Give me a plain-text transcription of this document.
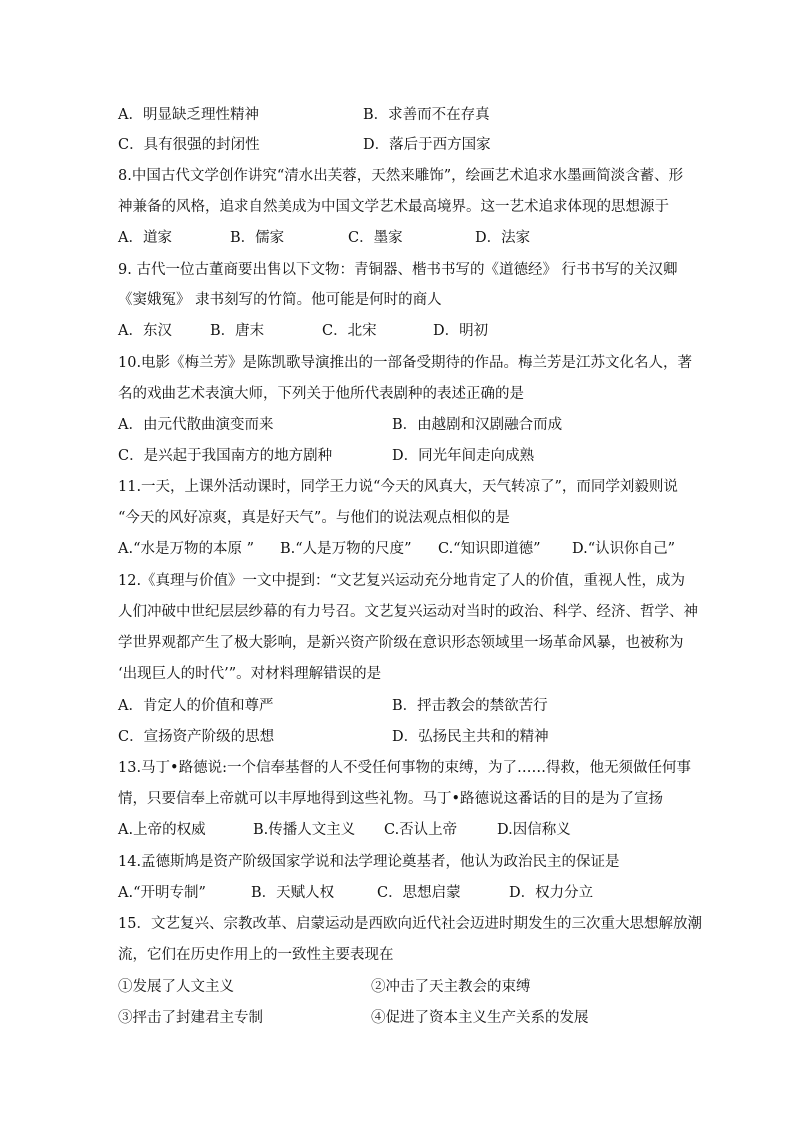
A．明显缺乏理性精神	B．求善而不在存真
C．具有很强的封闭性	D．落后于西方国家
8.中国古代文学创作讲究“清水出芙蓉，天然来雕饰”，绘画艺术追求水墨画简淡含蓄、形
神兼备的风格，追求自然美成为中国文学艺术最高境界。这一艺术追求体现的思想源于
A．道家	B．儒家	C．墨家	D．法家
9. 古代一位古董商要出售以下文物：青铜器、楷书书写的《道德经》 行书书写的关汉卿
《窦娥冤》 隶书刻写的竹简。他可能是何时的商人
A．东汉	B．唐末	C．北宋	D．明初
10.电影《梅兰芳》是陈凯歌导演推出的一部备受期待的作品。梅兰芳是江苏文化名人，著
名的戏曲艺术表演大师，下列关于他所代表剧种的表述正确的是
A．由元代散曲演变而来	B．由越剧和汉剧融合而成
C．是兴起于我国南方的地方剧种	D．同光年间走向成熟
11.一天，上课外活动课时，同学王力说“今天的风真大，天气转凉了”，而同学刘毅则说
“今天的风好凉爽，真是好天气”。与他们的说法观点相似的是
A.“水是万物的本原 ” B.“人是万物的尺度” C.“知识即道德” D.“认识你自己”
12.《真理与价值》一文中提到：“文艺复兴运动充分地肯定了人的价值，重视人性，成为
人们冲破中世纪层层纱幕的有力号召。文艺复兴运动对当时的政治、科学、经济、哲学、神
学世界观都产生了极大影响，是新兴资产阶级在意识形态领域里一场革命风暴，也被称为
‘出现巨人的时代’”。对材料理解错误的是
A．肯定人的价值和尊严	B．抨击教会的禁欲苦行
C．宣扬资产阶级的思想	D．弘扬民主共和的精神
13.马丁•路德说:一个信奉基督的人不受任何事物的束缚，为了……得救，他无须做任何事
情，只要信奉上帝就可以丰厚地得到这些礼物。马丁•路德说这番话的目的是为了宣扬
A.上帝的权威	B.传播人文主义 C.否认上帝	D.因信称义
14.孟德斯鸠是资产阶级国家学说和法学理论奠基者，他认为政治民主的保证是
A.“开明专制”	B．天赋人权	C．思想启蒙	D．权力分立
15．文艺复兴、宗教改革、启蒙运动是西欧向近代社会迈进时期发生的三次重大思想解放潮
流，它们在历史作用上的一致性主要表现在
①发展了人文主义	②冲击了天主教会的束缚
③抨击了封建君主专制	④促进了资本主义生产关系的发展
